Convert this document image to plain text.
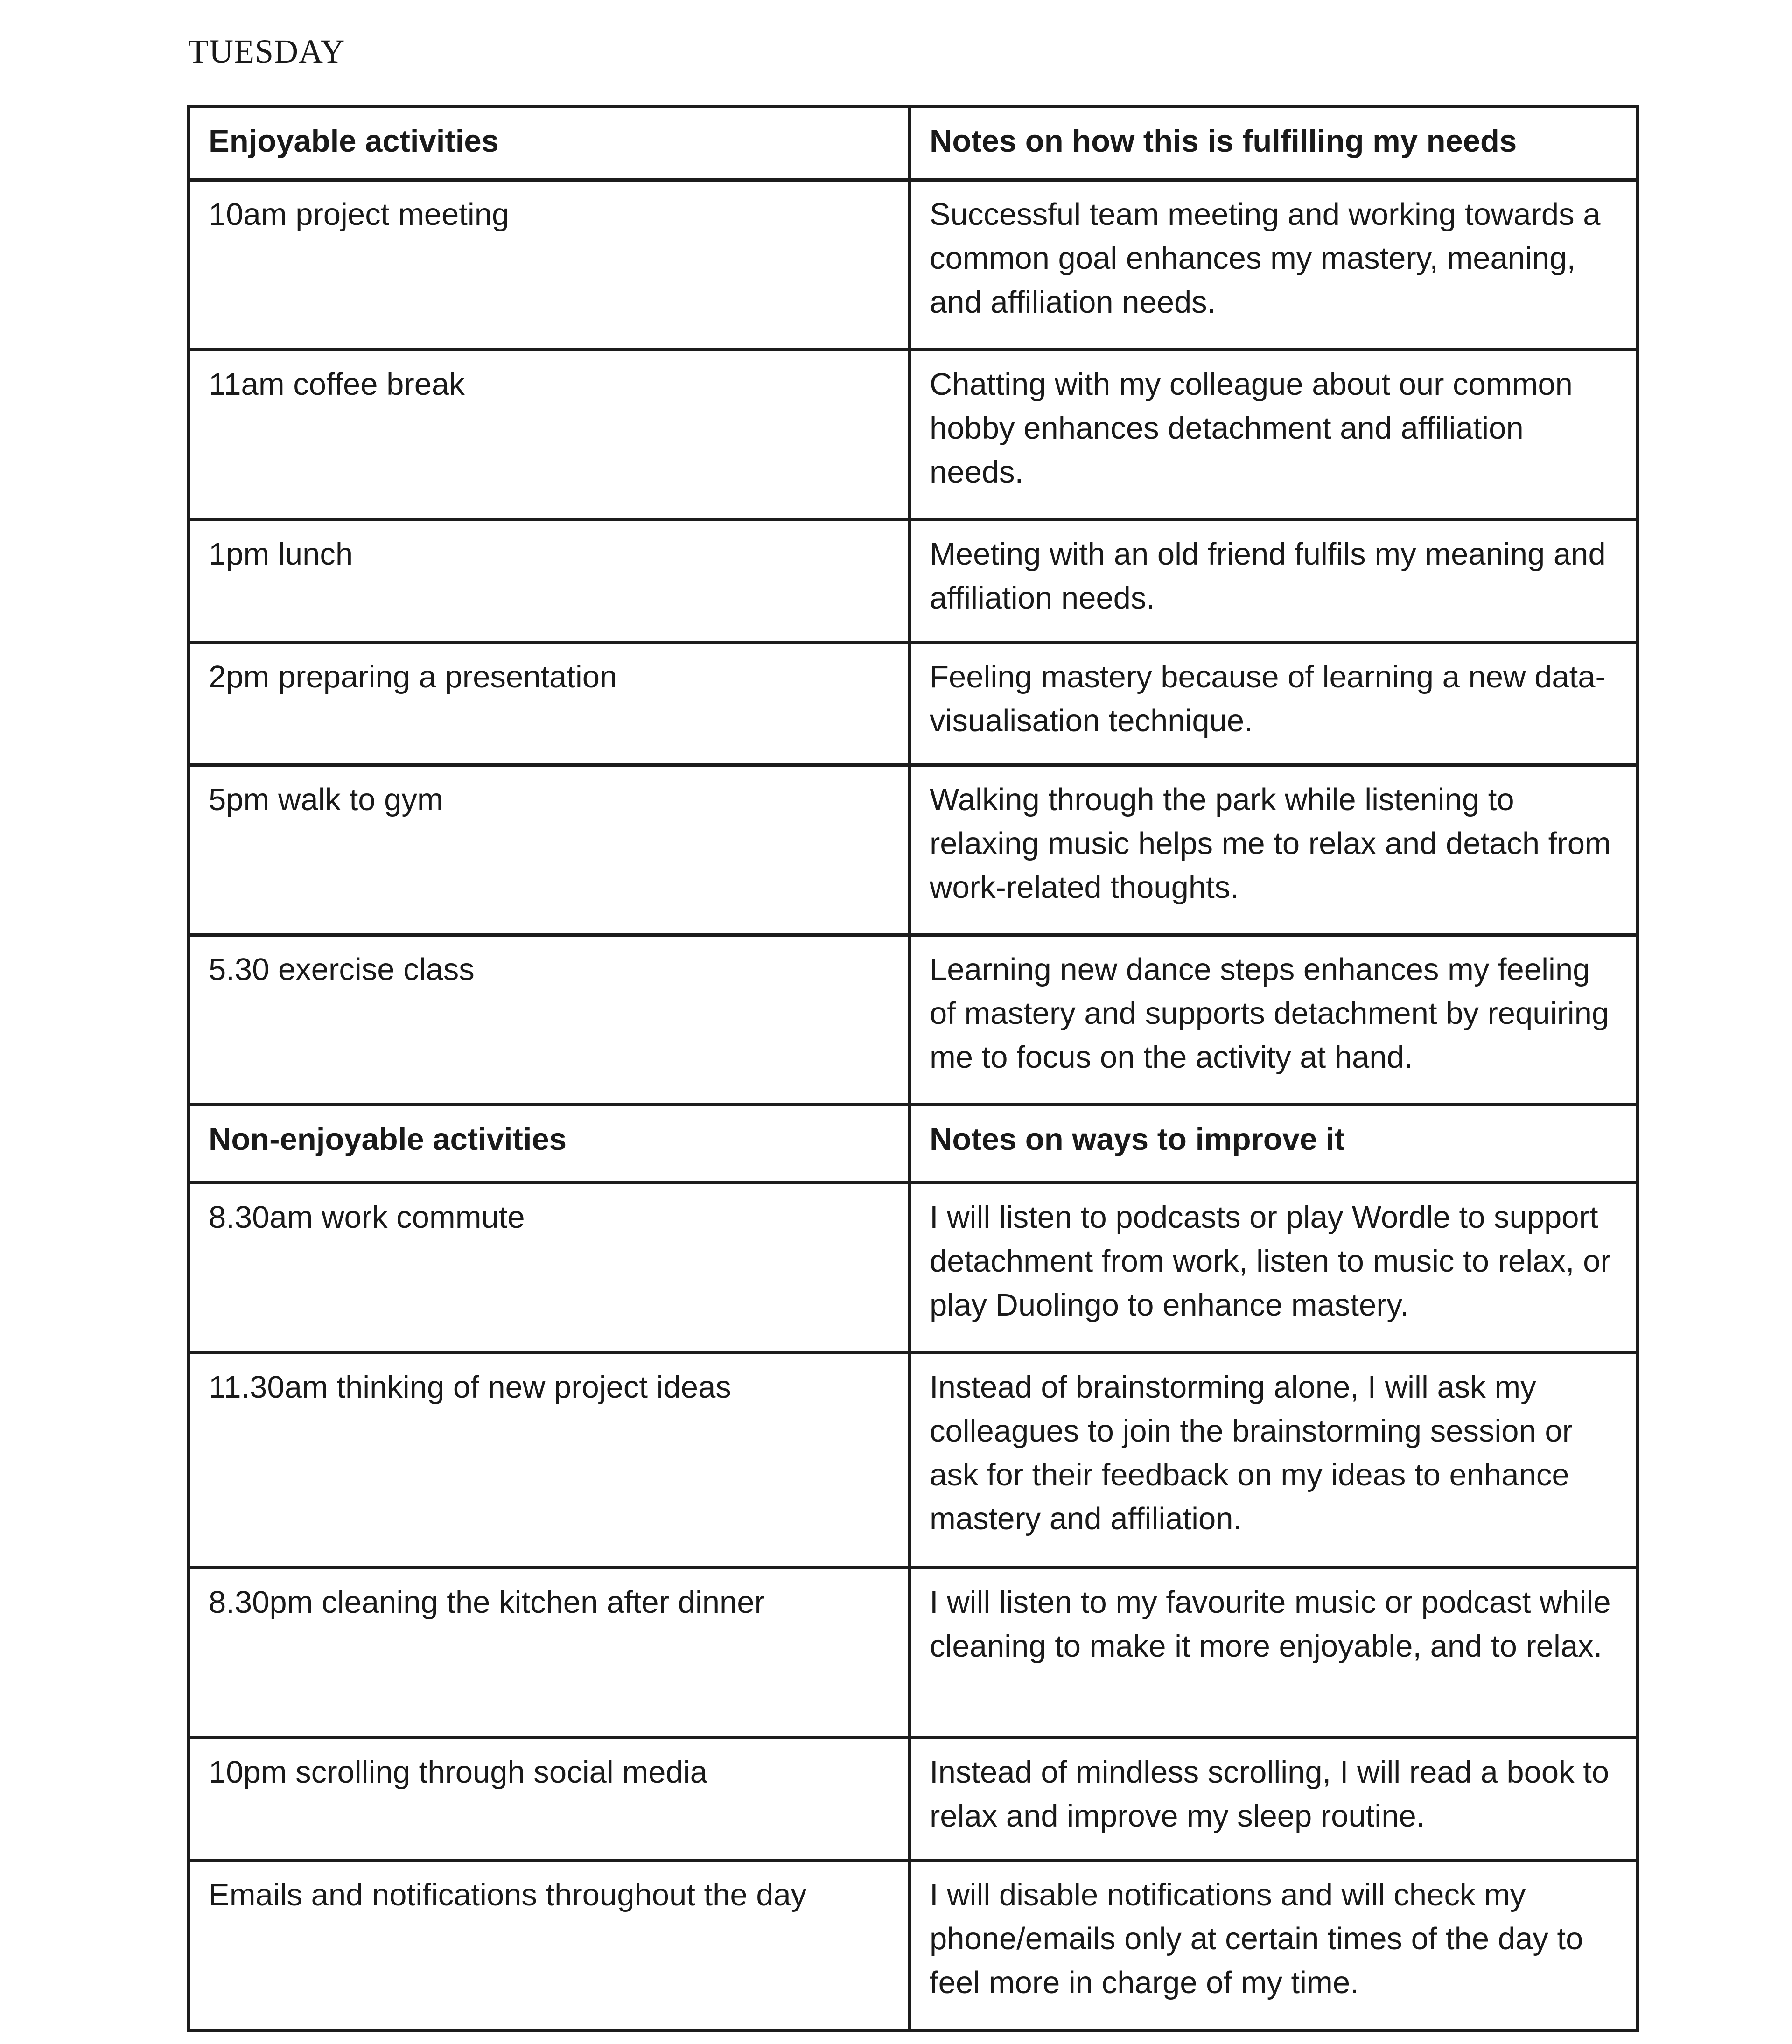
TUESDAY
Enjoyable activities	Notes on how this is fulfilling my needs
10am project meeting	Successful team meeting and working towards a common goal enhances my mastery, meaning, and affiliation needs.
11am coffee break	Chatting with my colleague about our common hobby enhances detachment and affiliation needs.
1pm lunch	Meeting with an old friend fulfils my meaning and affiliation needs.
2pm preparing a presentation	Feeling mastery because of learning a new data-visualisation technique.
5pm walk to gym	Walking through the park while listening to relaxing music helps me to relax and detach from work-related thoughts.
5.30 exercise class	Learning new dance steps enhances my feeling of mastery and supports detachment by requiring me to focus on the activity at hand.
Non-enjoyable activities	Notes on ways to improve it
8.30am work commute	I will listen to podcasts or play Wordle to support detachment from work, listen to music to relax, or play Duolingo to enhance mastery.
11.30am thinking of new project ideas	Instead of brainstorming alone, I will ask my colleagues to join the brainstorming session or ask for their feedback on my ideas to enhance mastery and affiliation.
8.30pm cleaning the kitchen after dinner	I will listen to my favourite music or podcast while cleaning to make it more enjoyable, and to relax.
10pm scrolling through social media	Instead of mindless scrolling, I will read a book to relax and improve my sleep routine.
Emails and notifications throughout the day	I will disable notifications and will check my phone/emails only at certain times of the day to feel more in charge of my time.
